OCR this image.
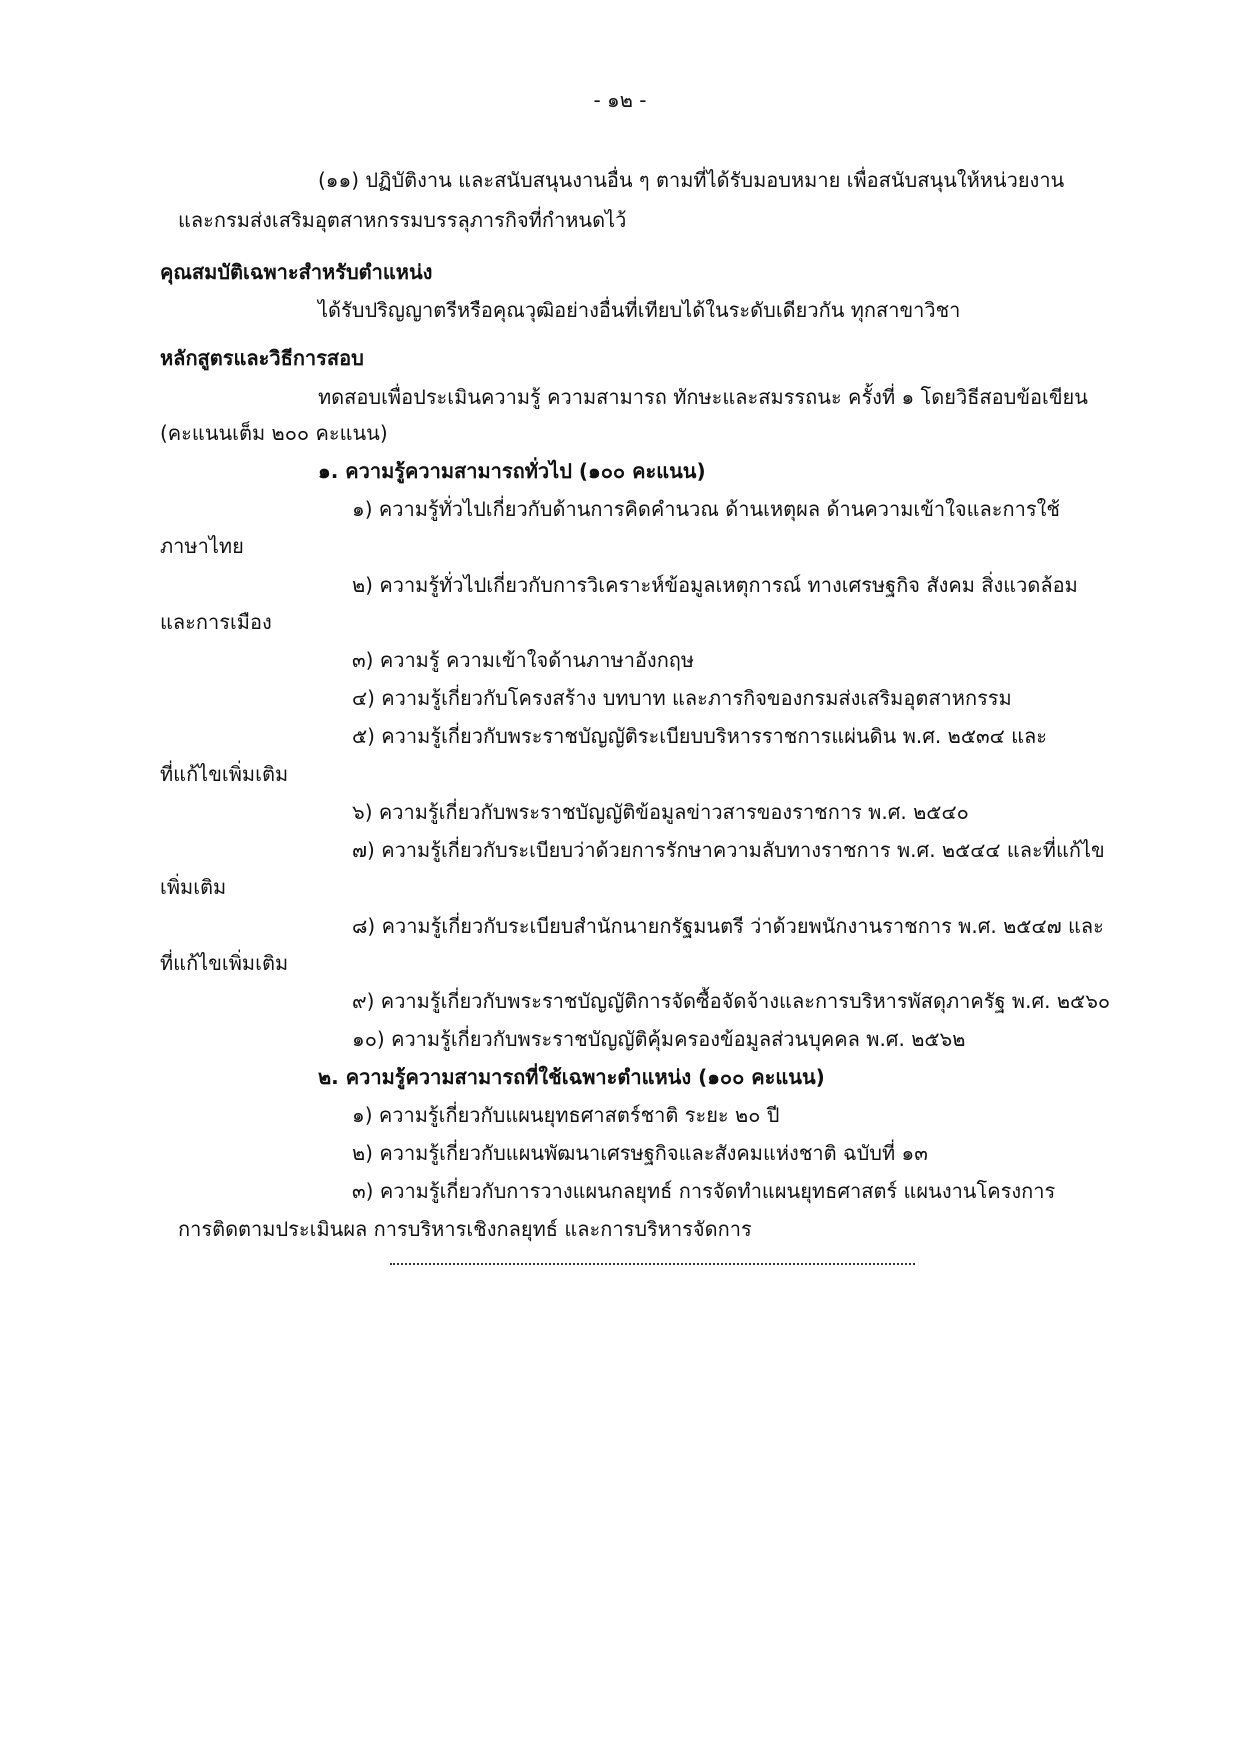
- ๑๒ -
(๑๑) ปฏิบัติงาน และสนับสนุนงานอื่น ๆ ตามที่ได้รับมอบหมาย เพื่อสนับสนุนให้หน่วยงาน
และกรมส่งเสริมอุตสาหกรรมบรรลุภารกิจที่กำหนดไว้
คุณสมบัติเฉพาะสำหรับตำแหน่ง
ได้รับปริญญาตรีหรือคุณวุฒิอย่างอื่นที่เทียบได้ในระดับเดียวกัน ทุกสาขาวิชา
หลักสูตรและวิธีการสอบ
ทดสอบเพื่อประเมินความรู้ ความสามารถ ทักษะและสมรรถนะ ครั้งที่ ๑ โดยวิธีสอบข้อเขียน
(คะแนนเต็ม ๒๐๐ คะแนน)
๑. ความรู้ความสามารถทั่วไป (๑๐๐ คะแนน)
๑) ความรู้ทั่วไปเกี่ยวกับด้านการคิดคำนวณ ด้านเหตุผล ด้านความเข้าใจและการใช้
ภาษาไทย
๒) ความรู้ทั่วไปเกี่ยวกับการวิเคราะห์ข้อมูลเหตุการณ์ ทางเศรษฐกิจ สังคม สิ่งแวดล้อม
และการเมือง
๓) ความรู้ ความเข้าใจด้านภาษาอังกฤษ
๔) ความรู้เกี่ยวกับโครงสร้าง บทบาท และภารกิจของกรมส่งเสริมอุตสาหกรรม
๕) ความรู้เกี่ยวกับพระราชบัญญัติระเบียบบริหารราชการแผ่นดิน พ.ศ. ๒๕๓๔ และ
ที่แก้ไขเพิ่มเติม
๖) ความรู้เกี่ยวกับพระราชบัญญัติข้อมูลข่าวสารของราชการ พ.ศ. ๒๕๔๐
๗) ความรู้เกี่ยวกับระเบียบว่าด้วยการรักษาความลับทางราชการ พ.ศ. ๒๕๔๔ และที่แก้ไข
เพิ่มเติม
๘) ความรู้เกี่ยวกับระเบียบสำนักนายกรัฐมนตรี ว่าด้วยพนักงานราชการ พ.ศ. ๒๕๔๗ และ
ที่แก้ไขเพิ่มเติม
๙) ความรู้เกี่ยวกับพระราชบัญญัติการจัดซื้อจัดจ้างและการบริหารพัสดุภาครัฐ พ.ศ. ๒๕๖๐
๑๐) ความรู้เกี่ยวกับพระราชบัญญัติคุ้มครองข้อมูลส่วนบุคคล พ.ศ. ๒๕๖๒
๒. ความรู้ความสามารถที่ใช้เฉพาะตำแหน่ง (๑๐๐ คะแนน)
๑) ความรู้เกี่ยวกับแผนยุทธศาสตร์ชาติ ระยะ ๒๐ ปี
๒) ความรู้เกี่ยวกับแผนพัฒนาเศรษฐกิจและสังคมแห่งชาติ ฉบับที่ ๑๓
๓) ความรู้เกี่ยวกับการวางแผนกลยุทธ์ การจัดทำแผนยุทธศาสตร์ แผนงานโครงการ
การติดตามประเมินผล การบริหารเชิงกลยุทธ์ และการบริหารจัดการ
